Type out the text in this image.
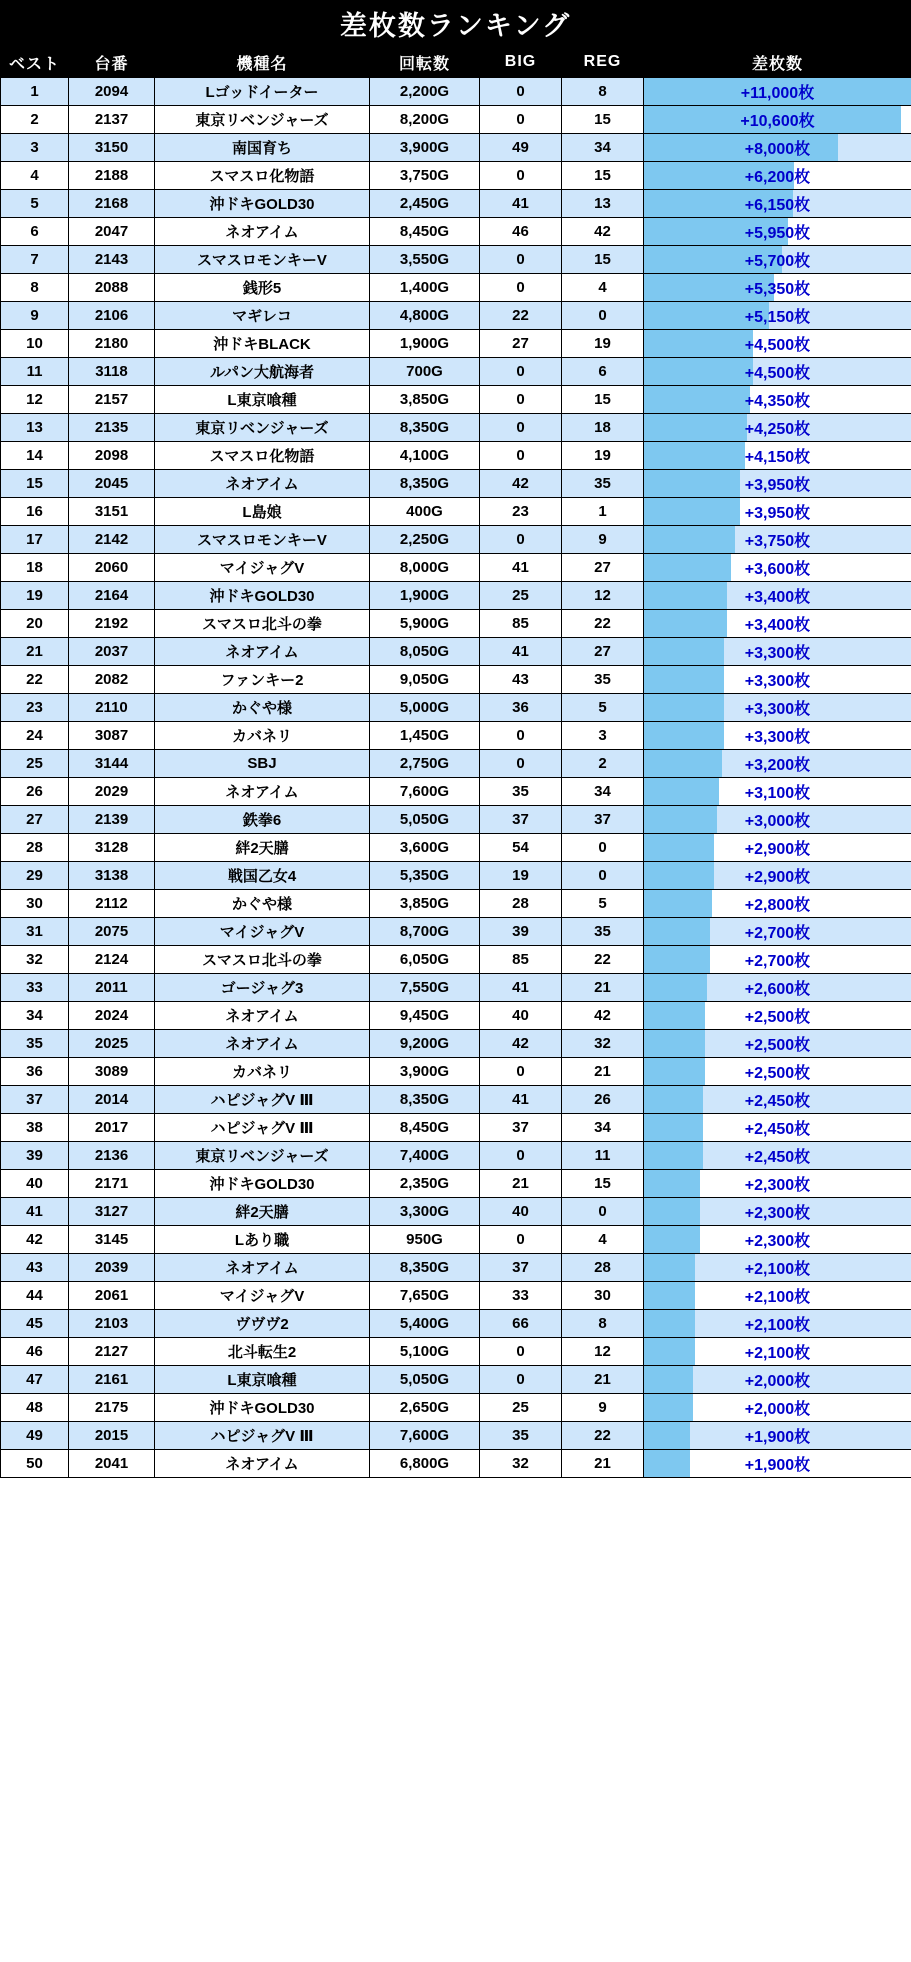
差枚数ランキング
ベスト	台番	機種名	回転数	BIG	REG	差枚数
1	2094	Lゴッドイーター	2,200G	0	8	+11,000枚
2	2137	東京リベンジャーズ	8,200G	0	15	+10,600枚
3	3150	南国育ち	3,900G	49	34	+8,000枚
4	2188	スマスロ化物語	3,750G	0	15	+6,200枚
5	2168	沖ドキGOLD30	2,450G	41	13	+6,150枚
6	2047	ネオアイム	8,450G	46	42	+5,950枚
7	2143	スマスロモンキーV	3,550G	0	15	+5,700枚
8	2088	銭形5	1,400G	0	4	+5,350枚
9	2106	マギレコ	4,800G	22	0	+5,150枚
10	2180	沖ドキBLACK	1,900G	27	19	+4,500枚
11	3118	ルパン大航海者	700G	0	6	+4,500枚
12	2157	L東京喰種	3,850G	0	15	+4,350枚
13	2135	東京リベンジャーズ	8,350G	0	18	+4,250枚
14	2098	スマスロ化物語	4,100G	0	19	+4,150枚
15	2045	ネオアイム	8,350G	42	35	+3,950枚
16	3151	L島娘	400G	23	1	+3,950枚
17	2142	スマスロモンキーV	2,250G	0	9	+3,750枚
18	2060	マイジャグV	8,000G	41	27	+3,600枚
19	2164	沖ドキGOLD30	1,900G	25	12	+3,400枚
20	2192	スマスロ北斗の拳	5,900G	85	22	+3,400枚
21	2037	ネオアイム	8,050G	41	27	+3,300枚
22	2082	ファンキー2	9,050G	43	35	+3,300枚
23	2110	かぐや様	5,000G	36	5	+3,300枚
24	3087	カバネリ	1,450G	0	3	+3,300枚
25	3144	SBJ	2,750G	0	2	+3,200枚
26	2029	ネオアイム	7,600G	35	34	+3,100枚
27	2139	鉄拳6	5,050G	37	37	+3,000枚
28	3128	絆2天膳	3,600G	54	0	+2,900枚
29	3138	戦国乙女4	5,350G	19	0	+2,900枚
30	2112	かぐや様	3,850G	28	5	+2,800枚
31	2075	マイジャグV	8,700G	39	35	+2,700枚
32	2124	スマスロ北斗の拳	6,050G	85	22	+2,700枚
33	2011	ゴージャグ3	7,550G	41	21	+2,600枚
34	2024	ネオアイム	9,450G	40	42	+2,500枚
35	2025	ネオアイム	9,200G	42	32	+2,500枚
36	3089	カバネリ	3,900G	0	21	+2,500枚
37	2014	ハピジャグV Ⅲ	8,350G	41	26	+2,450枚
38	2017	ハピジャグV Ⅲ	8,450G	37	34	+2,450枚
39	2136	東京リベンジャーズ	7,400G	0	11	+2,450枚
40	2171	沖ドキGOLD30	2,350G	21	15	+2,300枚
41	3127	絆2天膳	3,300G	40	0	+2,300枚
42	3145	Lあり職	950G	0	4	+2,300枚
43	2039	ネオアイム	8,350G	37	28	+2,100枚
44	2061	マイジャグV	7,650G	33	30	+2,100枚
45	2103	ヴヴヴ2	5,400G	66	8	+2,100枚
46	2127	北斗転生2	5,100G	0	12	+2,100枚
47	2161	L東京喰種	5,050G	0	21	+2,000枚
48	2175	沖ドキGOLD30	2,650G	25	9	+2,000枚
49	2015	ハピジャグV Ⅲ	7,600G	35	22	+1,900枚
50	2041	ネオアイム	6,800G	32	21	+1,900枚
